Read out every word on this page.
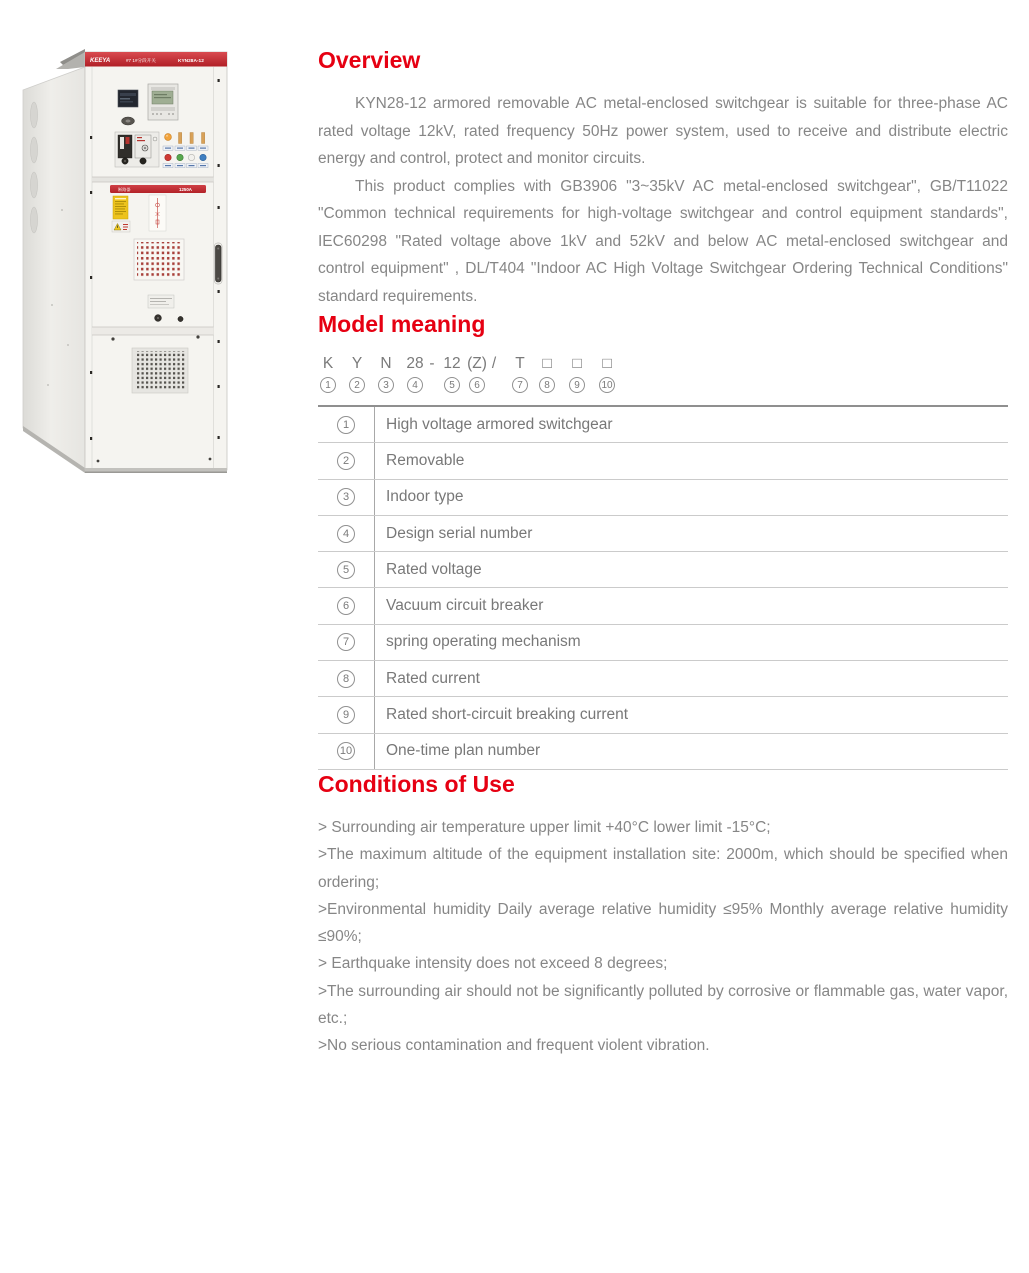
KEEYA	#7 1#分段开关	KYN28A-12
断路器	1250A
Overview

KYN28-12 armored removable AC metal-enclosed switchgear is suitable for three-phase AC rated voltage 12kV, rated frequency 50Hz power system, used to receive and distribute electric energy and control, protect and monitor circuits.

This product complies with GB3906 "3~35kV AC metal-enclosed switchgear", GB/T11022 "Common technical requirements for high-voltage switchgear and control equipment standards", IEC60298 "Rated voltage above 1kV and 52kV and below AC metal-enclosed switchgear and control equipment" , DL/T404 "Indoor AC High Voltage Switchgear Ordering Technical Conditions" standard requirements.

Model meaning
K
1
Y
2
N
3
28
4
- 12
5
(Z)
6
/	T
7
□
8
□
9
□
10
1	High voltage armored switchgear
2	Removable
3	Indoor type
4	Design serial number
5	Rated voltage
6	Vacuum circuit breaker
7	spring operating mechanism
8	Rated current
9	Rated short-circuit breaking current
10	One-time plan number
Conditions of Use

> Surrounding air temperature upper limit +40°C lower limit -15°C;

>The maximum altitude of the equipment installation site: 2000m, which should be specified when ordering;

>Environmental humidity Daily average relative humidity ≤95% Monthly average relative humidity ≤90%;

> Earthquake intensity does not exceed 8 degrees;

>The surrounding air should not be significantly polluted by corrosive or flammable gas, water vapor, etc.;

>No serious contamination and frequent violent vibration.
